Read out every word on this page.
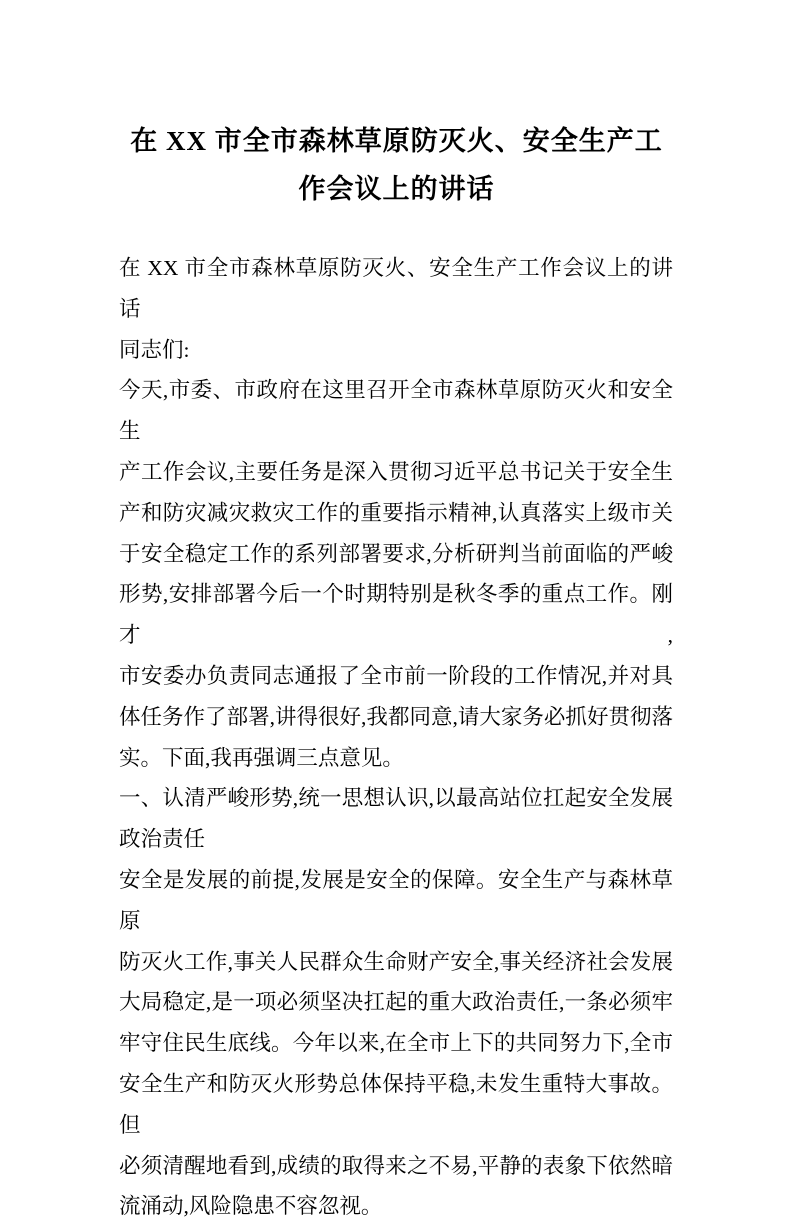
在 XX 市全市森林草原防灭火、安全生产工
作会议上的讲话
在 XX 市全市森林草原防灭火、安全生产工作会议上的讲话
同志们:
今天,市委、市政府在这里召开全市森林草原防灭火和安全生
产工作会议,主要任务是深入贯彻习近平总书记关于安全生
产和防灾减灾救灾工作的重要指示精神,认真落实上级市关
于安全稳定工作的系列部署要求,分析研判当前面临的严峻
形势,安排部署今后一个时期特别是秋冬季的重点工作。刚才,
市安委办负责同志通报了全市前一阶段的工作情况,并对具
体任务作了部署,讲得很好,我都同意,请大家务必抓好贯彻落
实。下面,我再强调三点意见。
一、认清严峻形势,统一思想认识,以最高站位扛起安全发展
政治责任
安全是发展的前提,发展是安全的保障。安全生产与森林草原
防灭火工作,事关人民群众生命财产安全,事关经济社会发展
大局稳定,是一项必须坚决扛起的重大政治责任,一条必须牢
牢守住民生底线。今年以来,在全市上下的共同努力下,全市
安全生产和防灭火形势总体保持平稳,未发生重特大事故。但
必须清醒地看到,成绩的取得来之不易,平静的表象下依然暗
流涌动,风险隐患不容忽视。
